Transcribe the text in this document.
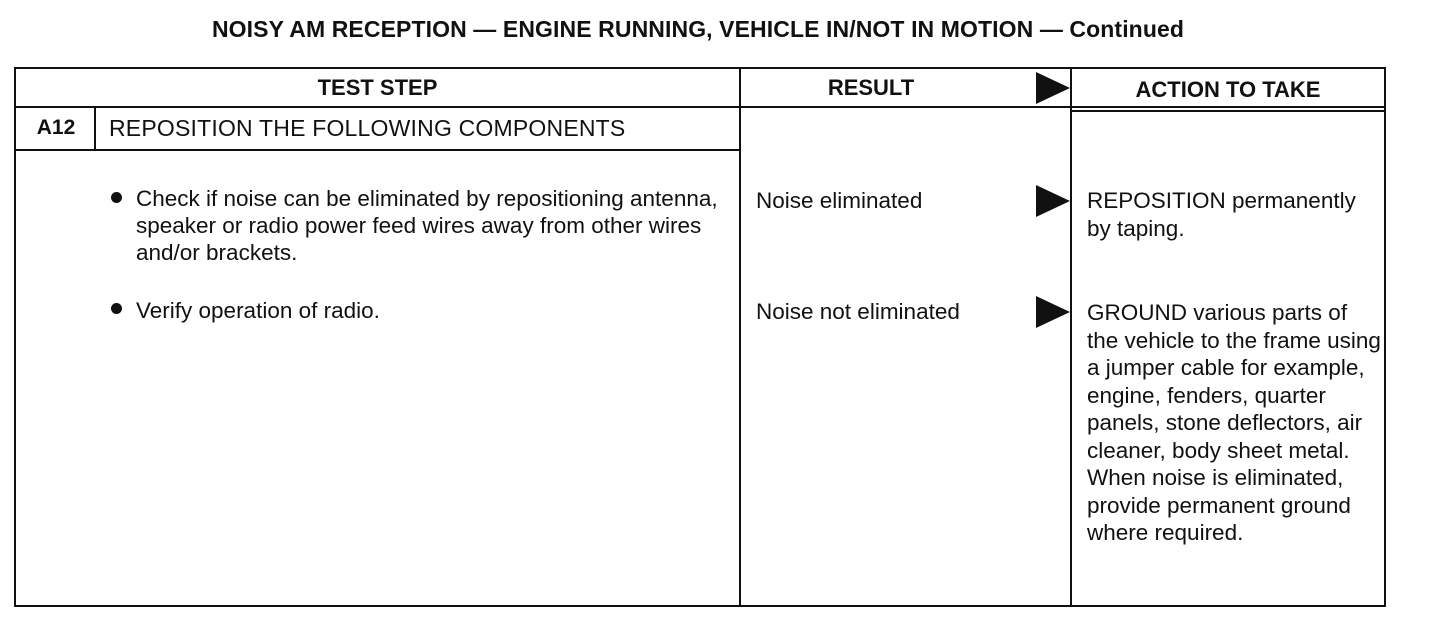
NOISY AM RECEPTION — ENGINE RUNNING, VEHICLE IN/NOT IN MOTION — Continued
TEST STEP	RESULT	ACTION TO TAKE
A12	REPOSITION THE FOLLOWING COMPONENTS
Check if noise can be eliminated by repositioning antenna, speaker or radio power feed wires away from other wires and/or brackets.
Verify operation of radio.
Noise eliminated	REPOSITION permanently by taping.
Noise not eliminated	GROUND various parts of the vehicle to the frame using a jumper cable for example, engine, fenders, quarter panels, stone deflectors, air cleaner, body sheet metal. When noise is eliminated, provide permanent ground where required.
